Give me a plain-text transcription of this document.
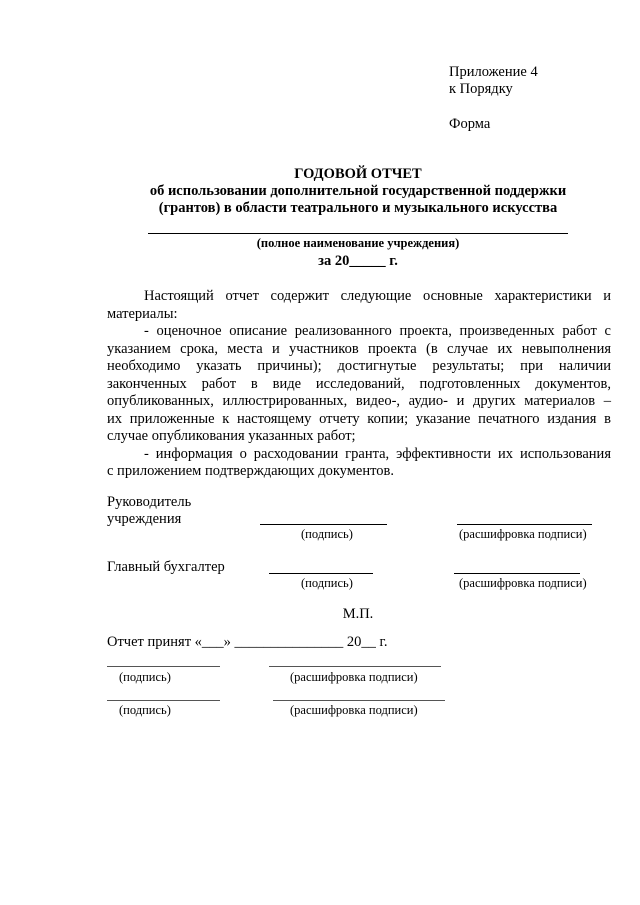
Приложение 4
к Порядку
Форма
ГОДОВОЙ ОТЧЕТ
об использовании дополнительной государственной поддержки
(грантов) в области театрального и музыкального искусства
(полное наименование учреждения)
за 20_____ г.
Настоящий отчет содержит следующие основные характеристики и
материалы:
- оценочное описание реализованного проекта, произведенных работ с
указанием срока, места и участников проекта (в случае их невыполнения
необходимо указать причины); достигнутые результаты; при наличии
законченных работ в виде исследований, подготовленных документов,
опубликованных, иллюстрированных, видео-, аудио- и других материалов –
их приложенные к настоящему отчету копии; указание печатного издания в
случае опубликования указанных работ;
- информация о расходовании гранта, эффективности их использования
с приложением подтверждающих документов.
Руководитель
учреждения
(подпись)	(расшифровка подписи)
Главный бухгалтер
(подпись)	(расшифровка подписи)
М.П.
Отчет принят «___» _______________ 20__ г.
(подпись)	(расшифровка подписи)
(подпись)	(расшифровка подписи)
